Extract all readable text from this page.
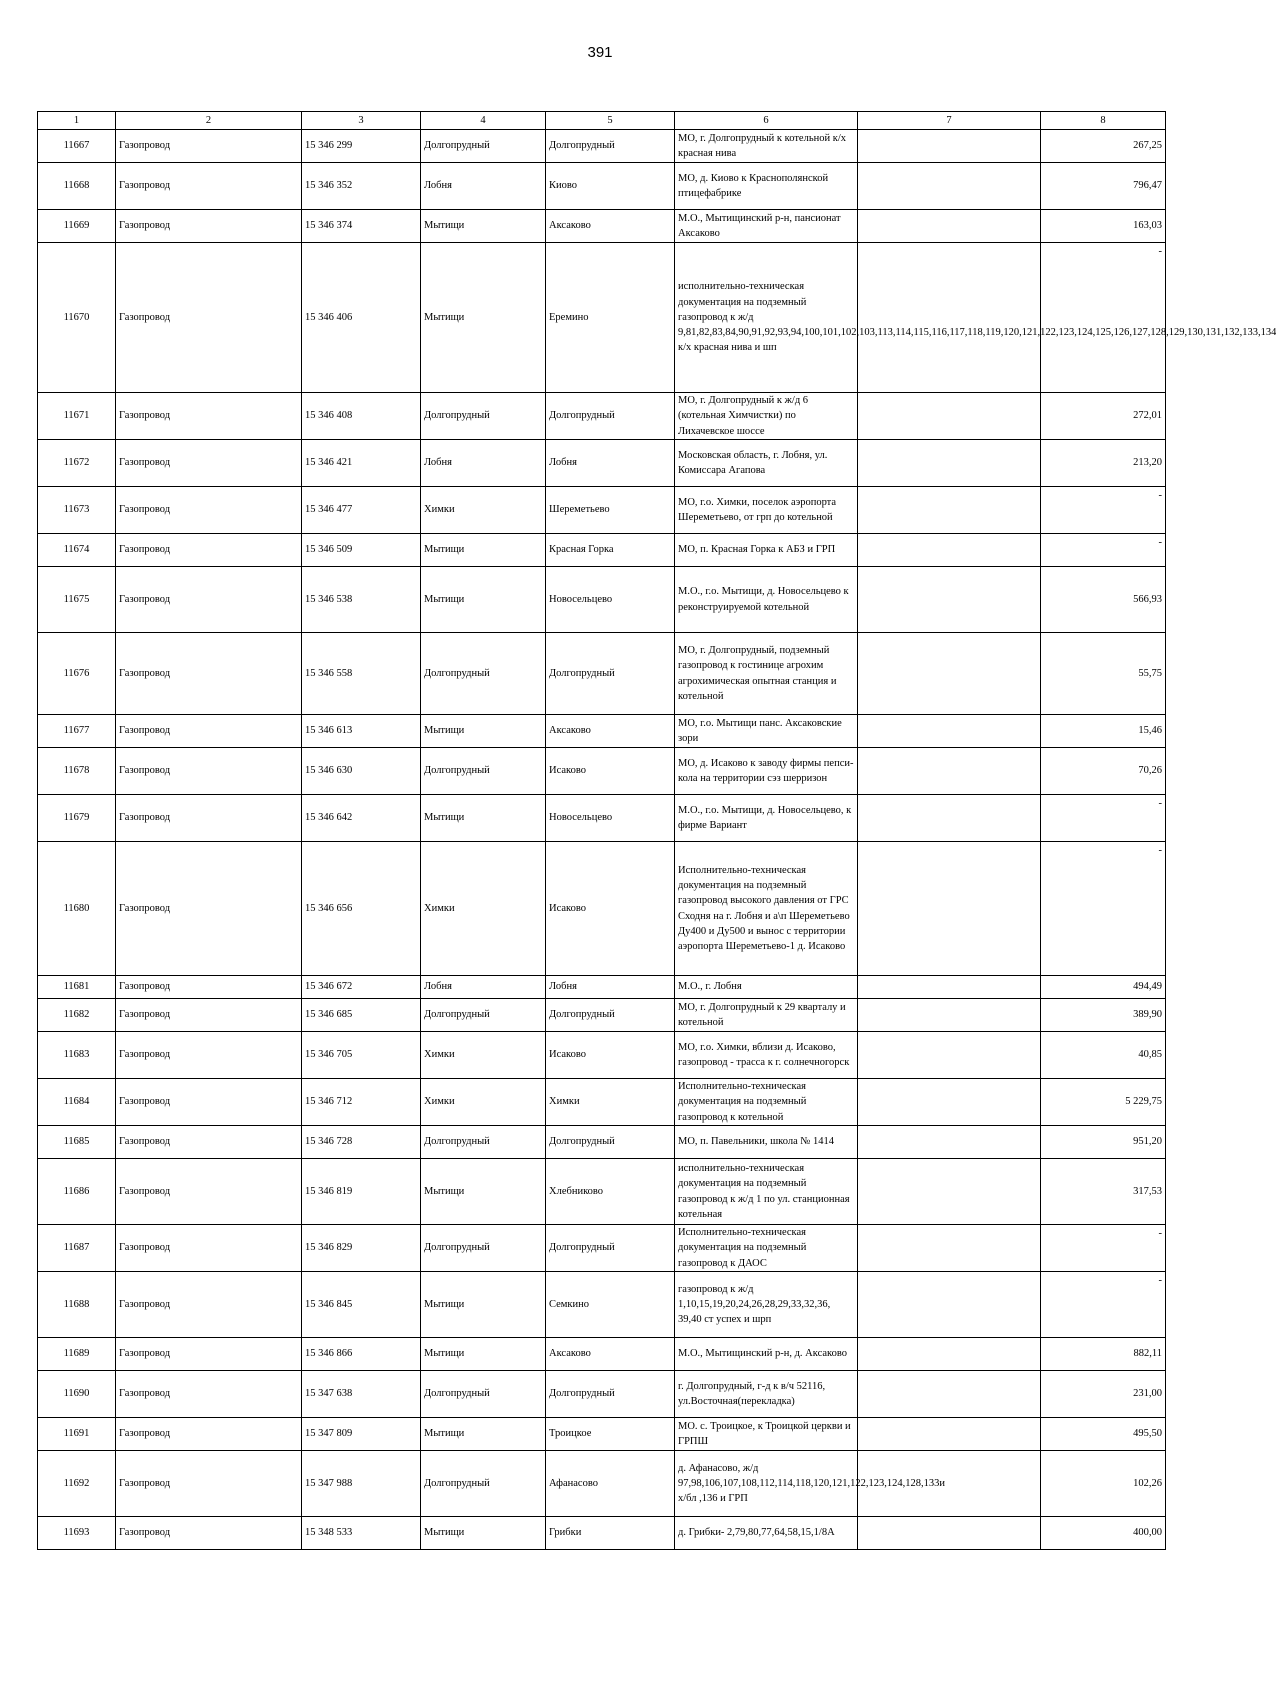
391
1	2	3	4	5	6	7	8
11667	Газопровод	15 346 299	Долгопрудный	Долгопрудный	МО, г. Долгопрудный к котельной к/х красная нива		267,25
11668	Газопровод	15 346 352	Лобня	Киово	МО, д. Киово к Краснополянской птицефабрике		796,47
11669	Газопровод	15 346 374	Мытищи	Аксаково	М.О., Мытищинский р-н, пансионат Аксаково		163,03
11670	Газопровод	15 346 406	Мытищи	Еремино	исполнительно-техническая документация на подземный газопровод к ж/д 9,81,82,83,84,90,91,92,93,94,100,101,102,103,113,114,115,116,117,118,119,120,121,122,123,124,125,126,127,128,129,130,131,132,133,134 к/х красная нива и шп		-

11671	Газопровод	15 346 408	Долгопрудный	Долгопрудный	МО, г. Долгопрудный к ж/д 6 (котельная Химчистки) по Лихачевское шоссе		272,01
11672	Газопровод	15 346 421	Лобня	Лобня	Московская область, г. Лобня, ул. Комиссара Агапова		213,20
11673	Газопровод	15 346 477	Химки	Шереметьево	МО, г.о. Химки, поселок аэропорта Шереметьево, от грп до котельной		-

11674	Газопровод	15 346 509	Мытищи	Красная Горка	МО, п. Красная Горка к АБЗ и ГРП		-

11675	Газопровод	15 346 538	Мытищи	Новосельцево	М.О., г.о. Мытищи, д. Новосельцево к реконструируемой котельной		566,93
11676	Газопровод	15 346 558	Долгопрудный	Долгопрудный	МО, г. Долгопрудный, подземный газопровод к гостинице агрохим агрохимическая опытная станция и котельной		55,75
11677	Газопровод	15 346 613	Мытищи	Аксаково	МО, г.о. Мытищи панс. Аксаковские зори		15,46
11678	Газопровод	15 346 630	Долгопрудный	Исаково	МО, д. Исаково к заводу фирмы пепси-кола на территории сэз шерризон		70,26
11679	Газопровод	15 346 642	Мытищи	Новосельцево	М.О., г.о. Мытищи, д. Новосельцево, к фирме Вариант		-

11680	Газопровод	15 346 656	Химки	Исаково	Исполнительно-техническая документация на подземный газопровод высокого давления от ГРС Сходня на г. Лобня и а\п Шереметьево Ду400 и Ду500 и вынос с территории аэропорта Шереметьево-1 д. Исаково		-

11681	Газопровод	15 346 672	Лобня	Лобня	М.О., г. Лобня		494,49
11682	Газопровод	15 346 685	Долгопрудный	Долгопрудный	МО, г. Долгопрудный к 29 кварталу и котельной		389,90
11683	Газопровод	15 346 705	Химки	Исаково	МО, г.о. Химки, вблизи д. Исаково, газопровод - трасса к г. солнечногорск		40,85
11684	Газопровод	15 346 712	Химки	Химки	Исполнительно-техническая документация на подземный газопровод к котельной		5 229,75
11685	Газопровод	15 346 728	Долгопрудный	Долгопрудный	МО, п. Павельники, школа № 1414		951,20
11686	Газопровод	15 346 819	Мытищи	Хлебниково	исполнительно-техническая документация на подземный газопровод к ж/д 1 по ул. станционная котельная		317,53
11687	Газопровод	15 346 829	Долгопрудный	Долгопрудный	Исполнительно-техническая документация на подземный газопровод к ДАОС		-

11688	Газопровод	15 346 845	Мытищи	Семкино	газопровод к ж/д 1,10,15,19,20,24,26,28,29,33,32,36, 39,40 ст успех и шрп		-

11689	Газопровод	15 346 866	Мытищи	Аксаково	М.О., Мытищинский р-н, д. Аксаково		882,11
11690	Газопровод	15 347 638	Долгопрудный	Долгопрудный	г. Долгопрудный, г-д к в/ч 52116, ул.Восточная(перекладка)		231,00
11691	Газопровод	15 347 809	Мытищи	Троицкое	МО. с. Троицкое, к Троицкой церкви и ГРПШ		495,50
11692	Газопровод	15 347 988	Долгопрудный	Афанасово	д. Афанасово, ж/д 97,98,106,107,108,112,114,118,120,121,122,123,124,128,133и х/бл ,136 и ГРП		102,26
11693	Газопровод	15 348 533	Мытищи	Грибки	д. Грибки- 2,79,80,77,64,58,15,1/8А		400,00
